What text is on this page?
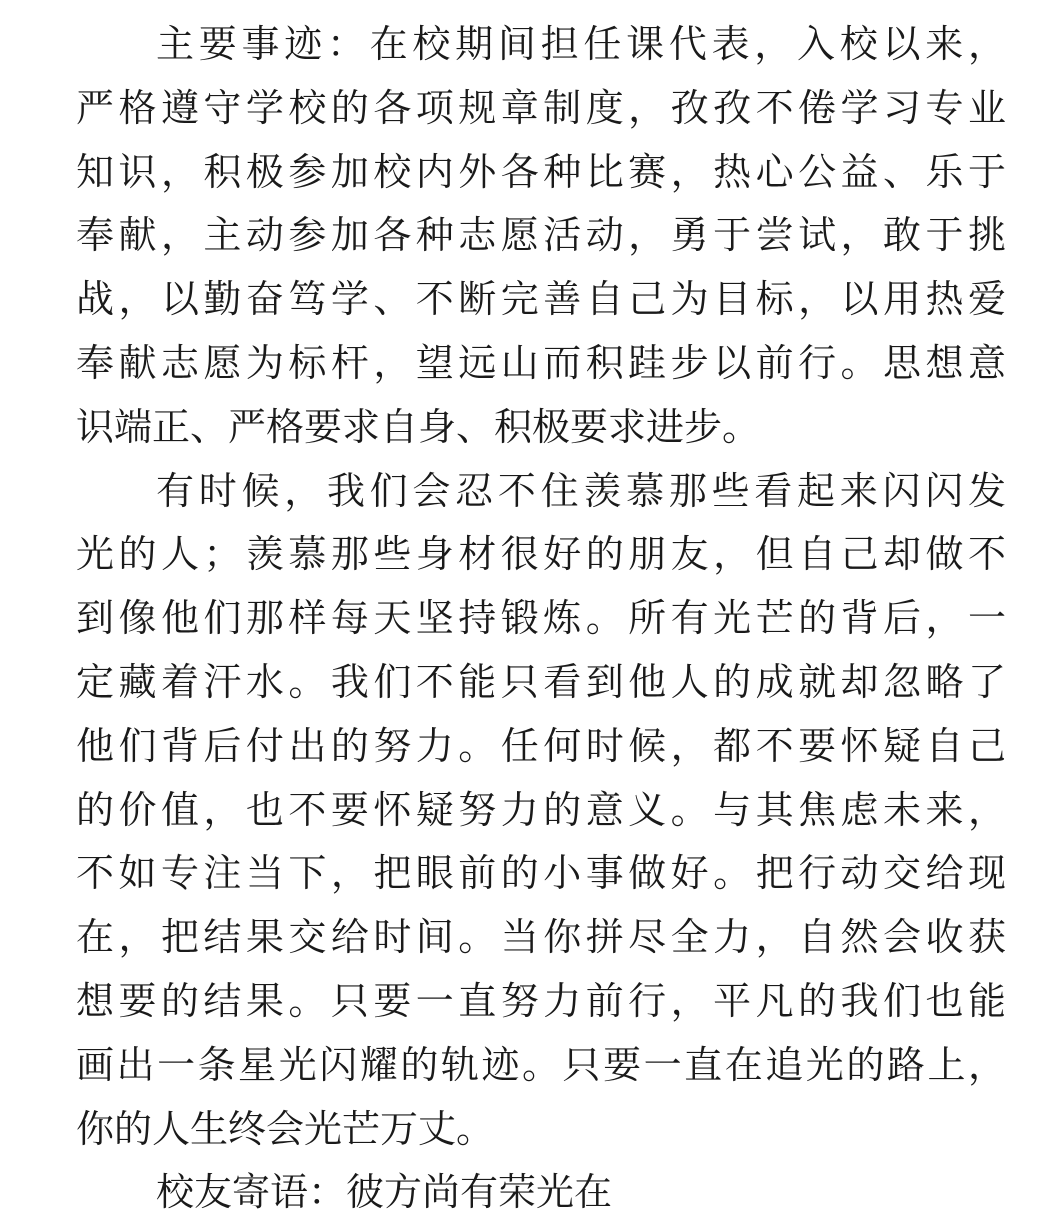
主要事迹：在校期间担任课代表，入校以来，
严格遵守学校的各项规章制度，孜孜不倦学习专业
知识，积极参加校内外各种比赛，热心公益、乐于
奉献，主动参加各种志愿活动，勇于尝试，敢于挑
战，以勤奋笃学、不断完善自己为目标，以用热爱
奉献志愿为标杆，望远山而积跬步以前行。思想意
识端正、严格要求自身、积极要求进步。
有时候，我们会忍不住羡慕那些看起来闪闪发
光的人；羡慕那些身材很好的朋友，但自己却做不
到像他们那样每天坚持锻炼。所有光芒的背后，一
定藏着汗水。我们不能只看到他人的成就却忽略了
他们背后付出的努力。任何时候，都不要怀疑自己
的价值，也不要怀疑努力的意义。与其焦虑未来，
不如专注当下，把眼前的小事做好。把行动交给现
在，把结果交给时间。当你拼尽全力，自然会收获
想要的结果。只要一直努力前行，平凡的我们也能
画出一条星光闪耀的轨迹。只要一直在追光的路上，
你的人生终会光芒万丈。
校友寄语：彼方尚有荣光在
